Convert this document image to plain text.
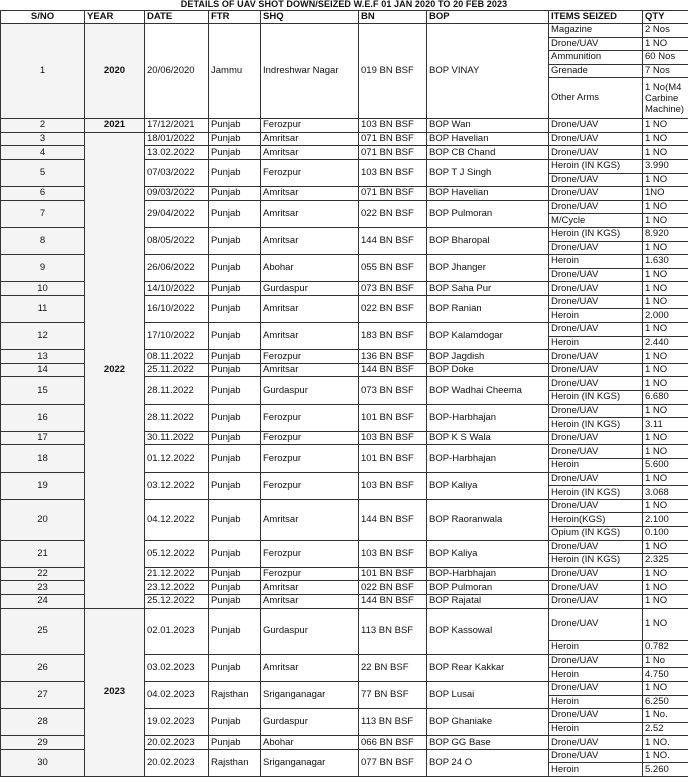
DETAILS OF UAV SHOT DOWN/SEIZED W.E.F 01 JAN 2020 TO 20 FEB 2023
S/NO	YEAR	DATE	FTR	SHQ	BN	BOP	ITEMS SEIZED	QTY
1	2020	20/06/2020	Jammu	Indreshwar Nagar	019 BN BSF	BOP VINAY	Magazine	2 Nos
							Drone/UAV	1 NO
							Ammunition	60 Nos
							Grenade	7 Nos
							Other Arms	1 No(M4 Carbine Machine)
2	2021	17/12/2021	Punjab	Ferozpur	103 BN BSF	BOP Wan	Drone/UAV	1 NO
3	2022	18/01/2022	Punjab	Amritsar	071 BN BSF	BOP Havelian	Drone/UAV	1 NO
4		13.02.2022	Punjab	Amritsar	071 BN BSF	BOP CB Chand	Drone/UAV	1 NO
5		07/03/2022	Punjab	Ferozpur	103 BN BSF	BOP T J Singh	Heroin (IN KGS)	3.990
							Drone/UAV	1 NO
6		09/03/2022	Punjab	Amritsar	071 BN BSF	BOP Havelian	Drone/UAV	1NO
7		29/04/2022	Punjab	Amritsar	022 BN BSF	BOP Pulmoran	Drone/UAV	1 NO
							M/Cycle	1 NO
8		08/05/2022	Punjab	Amritsar	144 BN BSF	BOP Bharopal	Heroin (IN KGS)	8.920
							Drone/UAV	1 NO
9		26/06/2022	Punjab	Abohar	055 BN BSF	BOP Jhanger	Heroin	1.630
							Drone/UAV	1 NO
10		14/10/2022	Punjab	Gurdaspur	073 BN BSF	BOP Saha Pur	Drone/UAV	1 NO
11		16/10/2022	Punjab	Amritsar	022 BN BSF	BOP Ranian	Drone/UAV	1 NO
							Heroin	2.000
12		17/10/2022	Punjab	Amritsar	183 BN BSF	BOP Kalamdogar	Drone/UAV	1 NO
							Heroin	2.440
13		08.11.2022	Punjab	Ferozpur	136 BN BSF	BOP Jagdish	Drone/UAV	1 NO
14		25.11.2022	Punjab	Amritsar	144 BN BSF	BOP Doke	Drone/UAV	1 NO
15		28.11.2022	Punjab	Gurdaspur	073 BN BSF	BOP Wadhai Cheema	Drone/UAV	1 NO
							Heroin (IN KGS)	6.680
16		28.11.2022	Punjab	Ferozpur	101 BN BSF	BOP-Harbhajan	Drone/UAV	1 NO
							Heroin (IN KGS)	3.11
17		30.11.2022	Punjab	Ferozpur	103 BN BSF	BOP K S Wala	Drone/UAV	1 NO
18		01.12.2022	Punjab	Ferozpur	101 BN BSF	BOP-Harbhajan	Drone/UAV	1 NO
							Heroin	5.600
19		03.12.2022	Punjab	Ferozpur	103 BN BSF	BOP Kaliya	Drone/UAV	1 NO
							Heroin (IN KGS)	3.068
20		04.12.2022	Punjab	Amritsar	144 BN BSF	BOP Raoranwala	Drone/UAV	1 NO
							Heroin(KGS)	2.100
							Opium (IN KGS)	0.100
21		05.12.2022	Punjab	Ferozpur	103 BN BSF	BOP Kaliya	Drone/UAV	1 NO
							Heroin (IN KGS)	2.325
22		21.12.2022	Punjab	Ferozpur	101 BN BSF	BOP-Harbhajan	Drone/UAV	1 NO
23		23.12.2022	Punjab	Amritsar	022 BN BSF	BOP Pulmoran	Drone/UAV	1 NO
24		25.12.2022	Punjab	Amritsar	144 BN BSF	BOP Rajatal	Drone/UAV	1 NO
25	2023	02.01.2023	Punjab	Gurdaspur	113 BN BSF	BOP Kassowal	Drone/UAV	1 NO
							Heroin	0.782
26		03.02.2023	Punjab	Amritsar	22 BN BSF	BOP Rear Kakkar	Drone/UAV	1 No
							Heroin	4.750
27		04.02.2023	Rajsthan	Sriganganagar	77 BN BSF	BOP Lusai	Drone/UAV	1 NO
							Heroin	6.250
28		19.02.2023	Punjab	Gurdaspur	113 BN BSF	BOP Ghaniake	Drone/UAV	1 No.
							Heroin	2.52
29		20.02.2023	Punjab	Abohar	066 BN BSF	BOP GG Base	Drone/UAV	1 NO.
30		20.02.2023	Rajsthan	Sriganganagar	077 BN BSF	BOP 24 O	Drone/UAV	1 NO.
							Heroin	5.260
